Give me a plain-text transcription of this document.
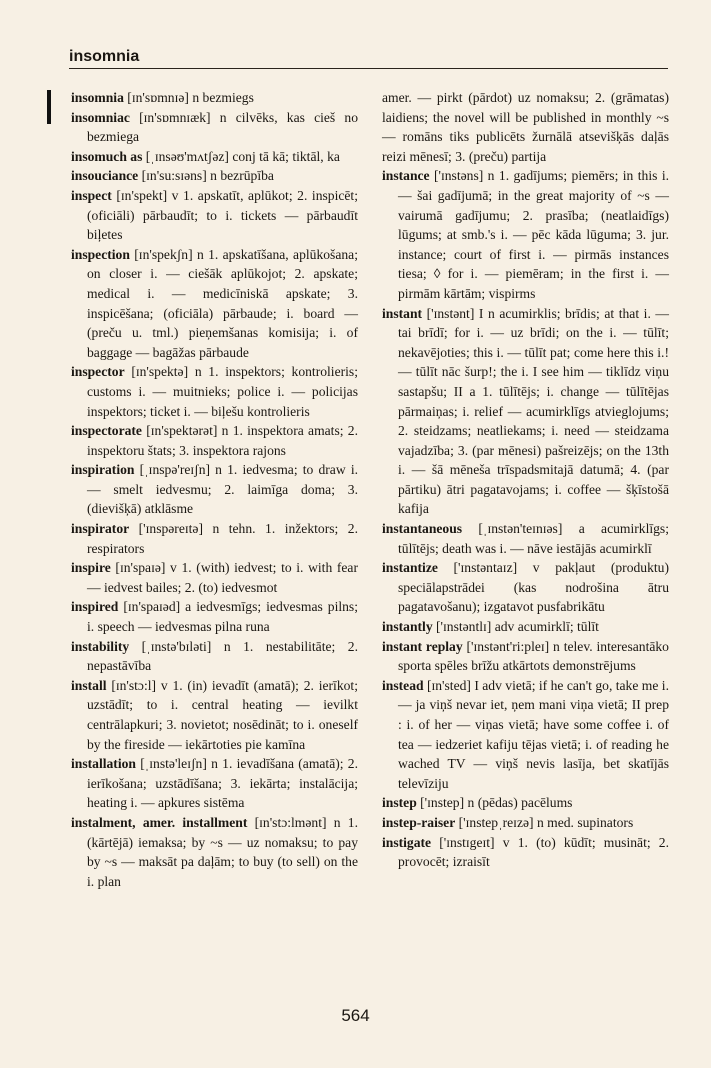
insomnia

insomnia [ɪn'sɒmnɪə] n bezmiegs

insomniac [ɪn'sɒmnɪæk] n cilvēks, kas cieš no bezmiega

insomuch as [ˌɪnsəʊ'mʌtʃəz] conj tā kā; tiktāl, ka

insouciance [ɪn'su:sɪəns] n bezrūpība

inspect [ɪn'spekt] v 1. apskatīt, aplūkot; 2. inspicēt; (oficiāli) pārbaudīt; to i. tickets — pārbaudīt biļetes

inspection [ɪn'spekʃn] n 1. apskatīšana, aplūkošana; on closer i. — ciešāk aplūkojot; 2. apskate; medical i. — medicīniskā apskate; 3. inspicēšana; (oficiāla) pārbaude; i. board — (preču u. tml.) pieņemšanas komisija; i. of baggage — bagāžas pārbaude

inspector [ɪn'spektə] n 1. inspektors; kontrolieris; customs i. — muitnieks; police i. — policijas inspektors; ticket i. — biļešu kontrolieris

inspectorate [ɪn'spektərət] n 1. inspektora amats; 2. inspektoru štats; 3. inspektora rajons

inspiration [ˌɪnspə'reɪʃn] n 1. iedvesma; to draw i. — smelt iedvesmu; 2. laimīga doma; 3. (dievišķā) atklāsme

inspirator ['ɪnspəreɪtə] n tehn. 1. inžektors; 2. respirators

inspire [ɪn'spaɪə] v 1. (with) iedvest; to i. with fear — iedvest bailes; 2. (to) iedvesmot

inspired [ɪn'spaɪəd] a iedvesmīgs; iedvesmas pilns; i. speech — iedvesmas pilna runa

instability [ˌɪnstə'bɪləti] n 1. nestabilitāte; 2. nepastāvība

install [ɪn'stɔ:l] v 1. (in) ievadīt (amatā); 2. ierīkot; uzstādīt; to i. central heating — ievilkt centrālapkuri; 3. novietot; nosēdināt; to i. oneself by the fireside — iekārtoties pie kamīna

installation [ˌɪnstə'leɪʃn] n 1. ievadīšana (amatā); 2. ierīkošana; uzstādīšana; 3. iekārta; instalācija; heating i. — apkures sistēma

instalment, amer. installment [ɪn'stɔ:lmənt] n 1. (kārtējā) iemaksa; by ~s — uz nomaksu; to pay by ~s — maksāt pa daļām; to buy (to sell) on the i. plan

amer. — pirkt (pārdot) uz nomaksu; 2. (grāmatas) laidiens; the novel will be published in monthly ~s — romāns tiks publicēts žurnālā atsevišķās daļās reizi mēnesī; 3. (preču) partija

instance ['ɪnstəns] n 1. gadījums; piemērs; in this i. — šai gadījumā; in the great majority of ~s — vairumā gadījumu; 2. prasība; (neatlaidīgs) lūgums; at smb.'s i. — pēc kāda lūguma; 3. jur. instance; court of first i. — pirmās instances tiesa; ◊ for i. — piemēram; in the first i. — pirmām kārtām; vispirms

instant ['ɪnstənt] I n acumirklis; brīdis; at that i. — tai brīdī; for i. — uz brīdi; on the i. — tūlīt; nekavējoties; this i. — tūlīt pat; come here this i.! — tūlīt nāc šurp!; the i. I see him — tiklīdz viņu sastapšu; II a 1. tūlītējs; i. change — tūlītējas pārmaiņas; i. relief — acumirklīgs atvieglojums; 2. steidzams; neatliekams; i. need — steidzama vajadzība; 3. (par mēnesi) pašreizējs; on the 13th i. — šā mēneša trīspadsmitajā datumā; 4. (par pārtiku) ātri pagatavojams; i. coffee — šķīstošā kafija

instantaneous [ˌɪnstən'teɪnɪəs] a acumirklīgs; tūlītējs; death was i. — nāve iestājās acumirklī

instantize ['ɪnstəntaɪz] v pakļaut (produktu) speciālapstrādei (kas nodrošina ātru pagatavošanu); izgatavot pusfabrikātu

instantly ['ɪnstəntlɪ] adv acumirklī; tūlīt

instant replay ['ɪnstənt'ri:pleɪ] n telev. interesantāko sporta spēles brīžu atkārtots demonstrējums

instead [ɪn'sted] I adv vietā; if he can't go, take me i. — ja viņš nevar iet, ņem mani viņa vietā; II prep : i. of her — viņas vietā; have some coffee i. of tea — iedzeriet kafiju tējas vietā; i. of reading he wached TV — viņš nevis lasīja, bet skatījās televīziju

instep ['ɪnstep] n (pēdas) pacēlums

instep-raiser ['ɪnstepˌreɪzə] n med. supinators

instigate ['ɪnstɪgeɪt] v 1. (to) kūdīt; musināt; 2. provocēt; izraisīt

564
